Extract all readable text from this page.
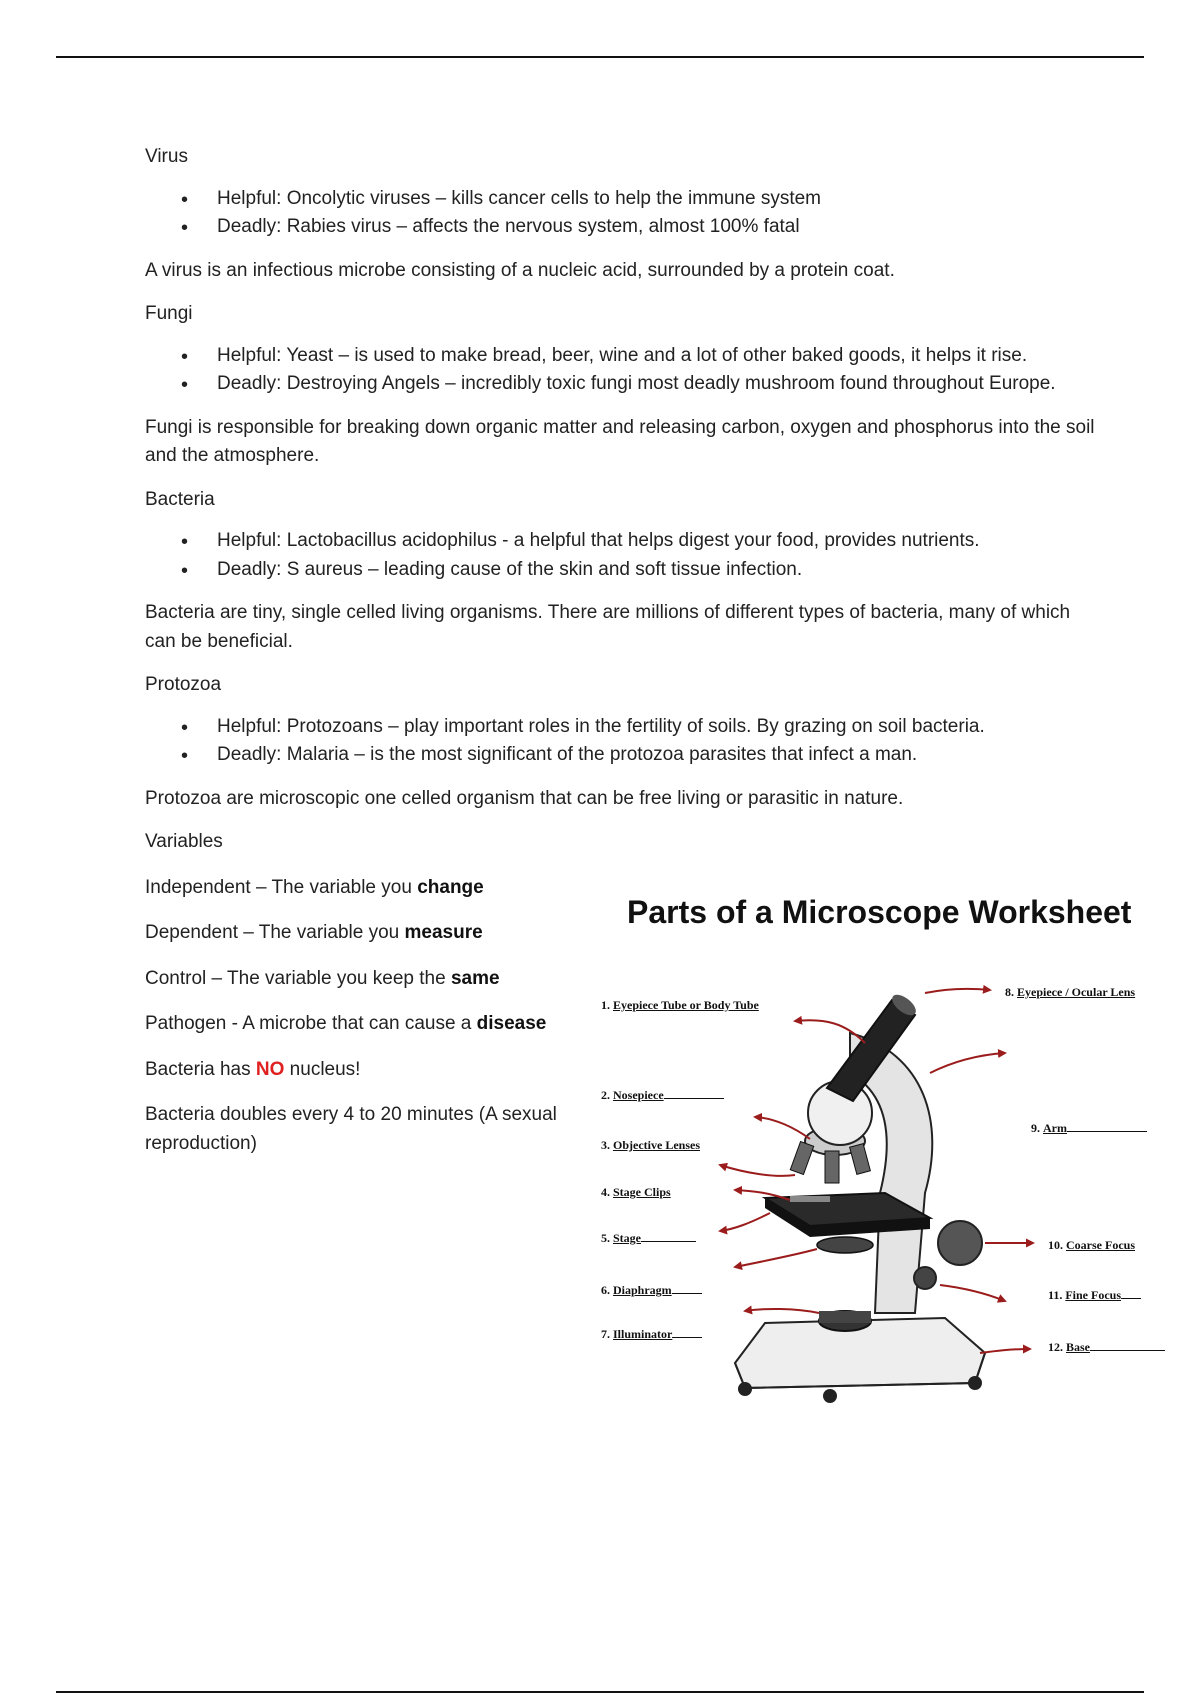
Virus

• Helpful: Oncolytic viruses – kills cancer cells to help the immune system
• Deadly: Rabies virus – affects the nervous system, almost 100% fatal

A virus is an infectious microbe consisting of a nucleic acid, surrounded by a protein coat.

Fungi

• Helpful: Yeast – is used to make bread, beer, wine and a lot of other baked goods, it helps it rise.
• Deadly: Destroying Angels – incredibly toxic fungi most deadly mushroom found throughout Europe.

Fungi is responsible for breaking down organic matter and releasing carbon, oxygen and phosphorus into the soil and the atmosphere.

Bacteria

• Helpful: Lactobacillus acidophilus - a helpful that helps digest your food, provides nutrients.
• Deadly: S aureus – leading cause of the skin and soft tissue infection.

Bacteria are tiny, single celled living organisms. There are millions of different types of bacteria, many of which can be beneficial.

Protozoa

• Helpful: Protozoans – play important roles in the fertility of soils. By grazing on soil bacteria.
• Deadly: Malaria – is the most significant of the protozoa parasites that infect a man.

Protozoa are microscopic one celled organism that can be free living or parasitic in nature.

Variables

Independent – The variable you change

Dependent – The variable you measure

Control – The variable you keep the same

Pathogen - A microbe that can cause a disease

Bacteria has NO nucleus!

Bacteria doubles every 4 to 20 minutes (A sexual reproduction)

Parts of a Microscope Worksheet
1. Eyepiece Tube or Body Tube
2. Nosepiece
3. Objective Lenses
4. Stage Clips
5. Stage
6. Diaphragm
7. Illuminator
8. Eyepiece / Ocular Lens
9. Arm
10. Coarse Focus
11. Fine Focus
12. Base
